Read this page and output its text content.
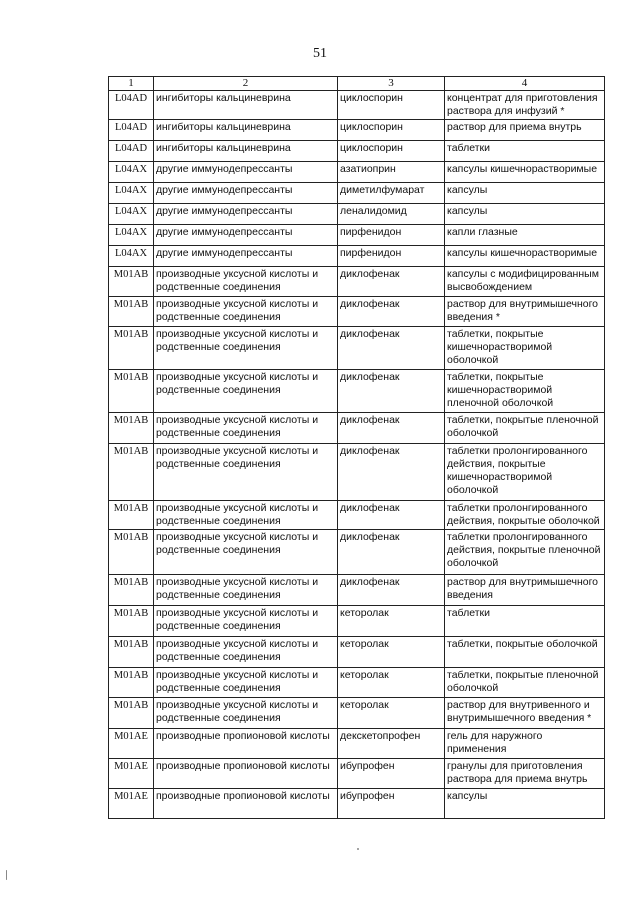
51
1	2	3	4
L04AD	ингибиторы кальциневрина	циклоспорин	концентрат для приготовления раствора для инфузий *
L04AD	ингибиторы кальциневрина	циклоспорин	раствор для приема внутрь
L04AD	ингибиторы кальциневрина	циклоспорин	таблетки
L04AX	другие иммунодепрессанты	азатиоприн	капсулы кишечнорастворимые
L04AX	другие иммунодепрессанты	диметилфумарат	капсулы
L04AX	другие иммунодепрессанты	леналидомид	капсулы
L04AX	другие иммунодепрессанты	пирфенидон	капли глазные
L04AX	другие иммунодепрессанты	пирфенидон	капсулы кишечнорастворимые
M01AB	производные уксусной кислоты и родственные соединения	диклофенак	капсулы с модифицированным высвобождением
M01AB	производные уксусной кислоты и родственные соединения	диклофенак	раствор для внутримышечного введения *
M01AB	производные уксусной кислоты и родственные соединения	диклофенак	таблетки, покрытые кишечнорастворимой оболочкой
M01AB	производные уксусной кислоты и родственные соединения	диклофенак	таблетки, покрытые кишечнорастворимой пленочной оболочкой
M01AB	производные уксусной кислоты и родственные соединения	диклофенак	таблетки, покрытые пленочной оболочкой
M01AB	производные уксусной кислоты и родственные соединения	диклофенак	таблетки пролонгированного действия, покрытые кишечнорастворимой оболочкой
M01AB	производные уксусной кислоты и родственные соединения	диклофенак	таблетки пролонгированного действия, покрытые оболочкой
M01AB	производные уксусной кислоты и родственные соединения	диклофенак	таблетки пролонгированного действия, покрытые пленочной оболочкой
M01AB	производные уксусной кислоты и родственные соединения	диклофенак	раствор для внутримышечного введения
M01AB	производные уксусной кислоты и родственные соединения	кеторолак	таблетки
M01AB	производные уксусной кислоты и родственные соединения	кеторолак	таблетки, покрытые оболочкой
M01AB	производные уксусной кислоты и родственные соединения	кеторолак	таблетки, покрытые пленочной оболочкой
M01AB	производные уксусной кислоты и родственные соединения	кеторолак	раствор для внутривенного и внутримышечного введения *
M01AE	производные пропионовой кислоты	декскетопрофен	гель для наружного применения
M01AE	производные пропионовой кислоты	ибупрофен	гранулы для приготовления раствора для приема внутрь
M01AE	производные пропионовой кислоты	ибупрофен	капсулы
